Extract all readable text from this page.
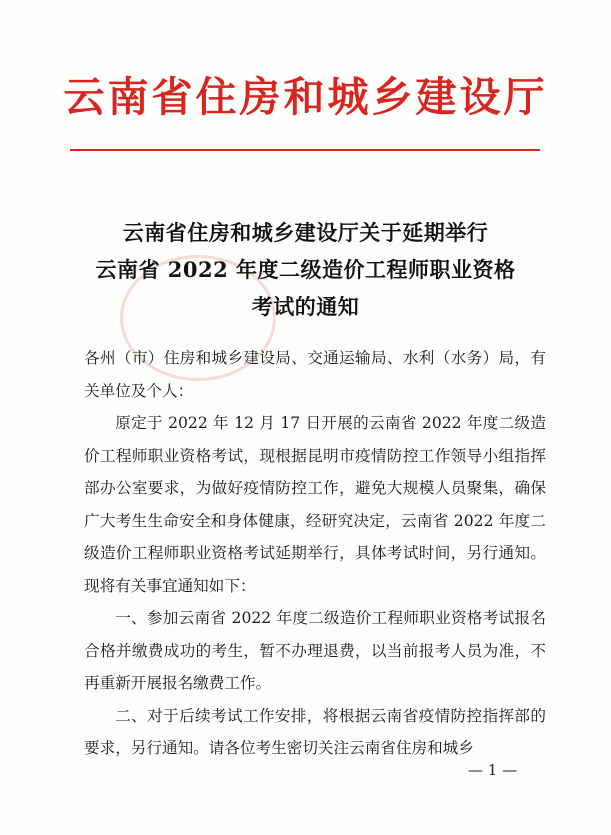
云南省住房和城乡建设厅
云南省住房和城乡建设厅关于延期举行
云南省 2022 年度二级造价工程师职业资格
考试的通知

各州（市）住房和城乡建设局、交通运输局、水利（水务）局，有关单位及个人：

原定于 2022 年 12 月 17 日开展的云南省 2022 年度二级造价工程师职业资格考试，现根据昆明市疫情防控工作领导小组指挥部办公室要求，为做好疫情防控工作，避免大规模人员聚集，确保广大考生生命安全和身体健康，经研究决定，云南省 2022 年度二级造价工程师职业资格考试延期举行，具体考试时间，另行通知。现将有关事宜通知如下：

一、参加云南省 2022 年度二级造价工程师职业资格考试报名合格并缴费成功的考生，暂不办理退费，以当前报考人员为准，不再重新开展报名缴费工作。

二、对于后续考试工作安排，将根据云南省疫情防控指挥部的要求，另行通知。请各位考生密切关注云南省住房和城乡

— 1 —
